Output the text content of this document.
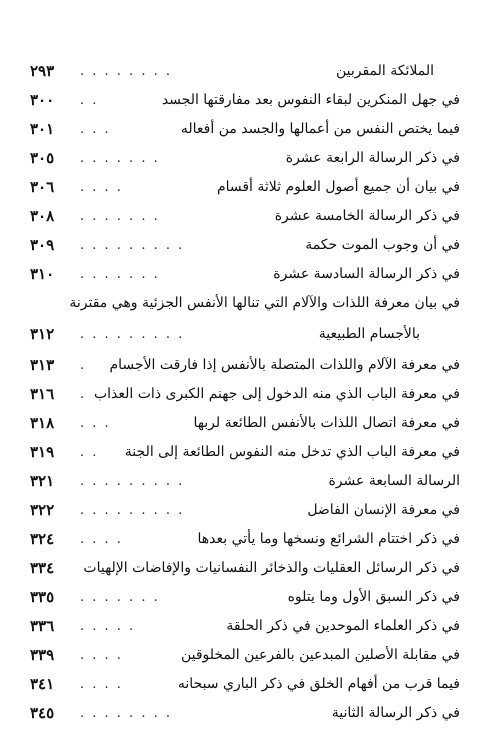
الملائكة المقربين
. . . . . . . .
٢٩٣
في جهل المنكرين لبقاء النفوس بعد مفارقتها الجسد
. .
٣٠٠
فيما يختص النفس من أعمالها والجسد من أفعاله
. . .
٣٠١
في ذكر الرسالة الرابعة عشرة
. . . . . . .
٣٠٥
في بيان أن جميع أصول العلوم ثلاثة أقسام
. . . .
٣٠٦
في ذكر الرسالة الخامسة عشرة
. . . . . . .
٣٠٨
في أن وجوب الموت حكمة
. . . . . . . . .
٣٠٩
في ذكر الرسالة السادسة عشرة
. . . . . . .
٣١٠
في بيان معرفة اللذات والآلام التي تنالها الأنفس الجزئية وهي مقترنة
بالأجسام الطبيعية
. . . . . . . . .
٣١٢
في معرفة الآلام واللذات المتصلة بالأنفس إذا فارقت الأجسام
.
٣١٣
في معرفة الباب الذي منه الدخول إلى جهنم الكبرى ذات العذاب
.
٣١٦
في معرفة اتصال اللذات بالأنفس الطائعة لربها
. . .
٣١٨
في معرفة الباب الذي تدخل منه النفوس الطائعة إلى الجنة
. .
٣١٩
الرسالة السابعة عشرة
. . . . . . . . .
٣٢١
في معرفة الإنسان الفاضل
. . . . . . . . .
٣٢٢
في ذكر اختتام الشرائع ونسخها وما يأتي بعدها
. . . .
٣٢٤
في ذكر الرسائل العقليات والذخائر النفسانيات والإفاضات الإلهيات
٣٣٤
في ذكر السبق الأول وما يتلوه
. . . . . . .
٣٣٥
في ذكر العلماء الموحدين في ذكر الحلقة
. . . . .
٣٣٦
في مقابلة الأصلين المبدعين بالفرعين المخلوقين
. . . .
٣٣٩
فيما قرب من أفهام الخلق في ذكر الباري سبحانه
. . . .
٣٤١
في ذكر الرسالة الثانية
. . . . . . . .
٣٤٥
